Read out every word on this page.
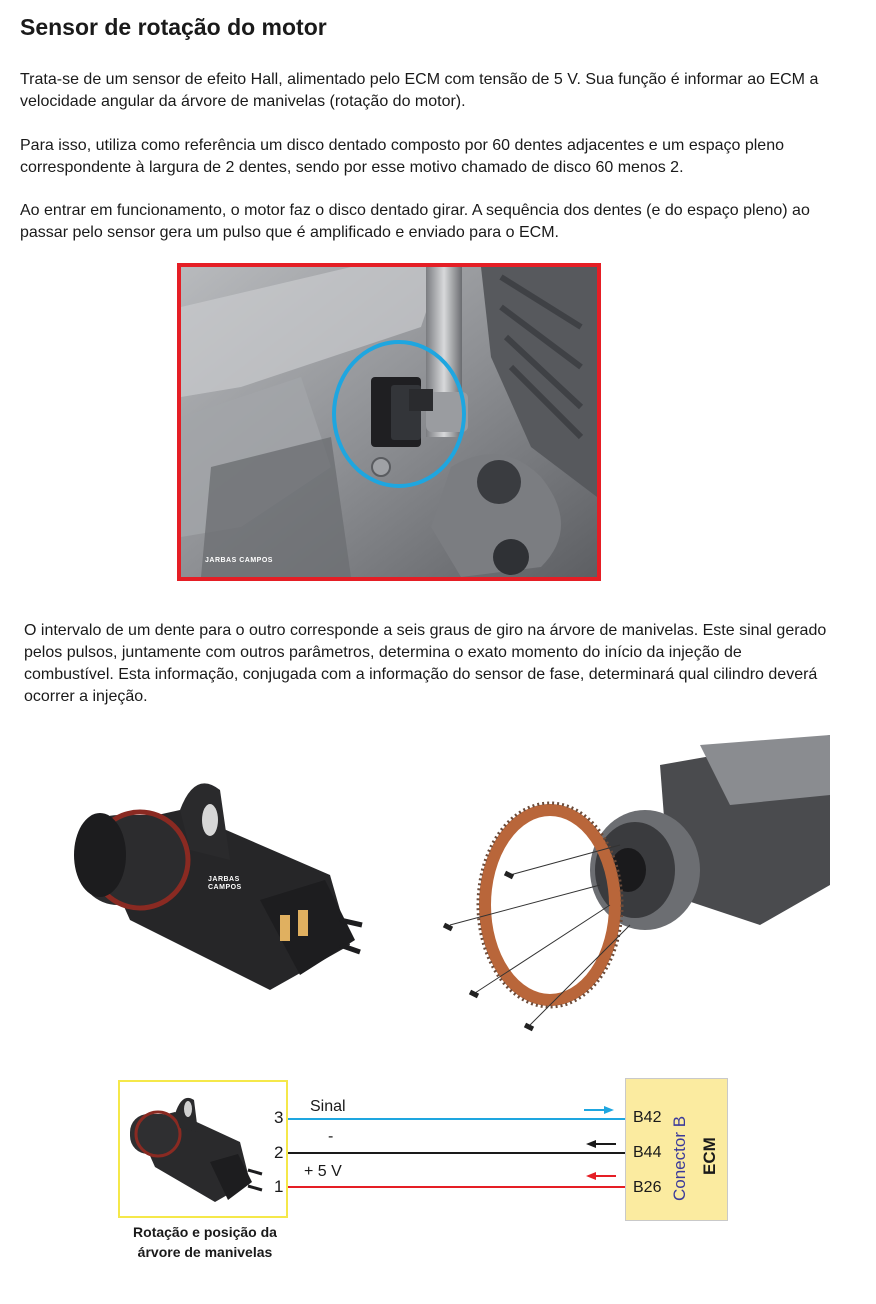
Sensor de rotação do motor

Trata-se de um sensor de efeito Hall, alimentado pelo ECM com tensão de 5 V. Sua função é informar ao ECM a velocidade angular da árvore de manivelas (rotação do motor).

Para isso, utiliza como referência um disco dentado composto por 60 dentes adjacentes e um espaço pleno correspondente à largura de 2 dentes, sendo por esse motivo chamado de disco 60 menos 2.

Ao entrar em funcionamento, o motor faz o disco dentado girar. A sequência dos dentes (e do espaço pleno) ao passar pelo sensor gera um pulso que é amplificado e enviado para o ECM.

JARBAS CAMPOS

O intervalo de um dente para o outro corresponde a seis graus de giro na árvore de manivelas. Este sinal gerado pelos pulsos, juntamente com outros parâmetros, determina o exato momento do início da injeção de combustível. Esta informação, conjugada com a informação do sensor de fase, determinará qual cilindro deverá ocorrer a injeção.

JARBAS
CAMPOS
Rotação e posição da
árvore de manivelas
3
2
1
Sinal
-
+ 5 V
B42
B44
B26 Conector B ECM
